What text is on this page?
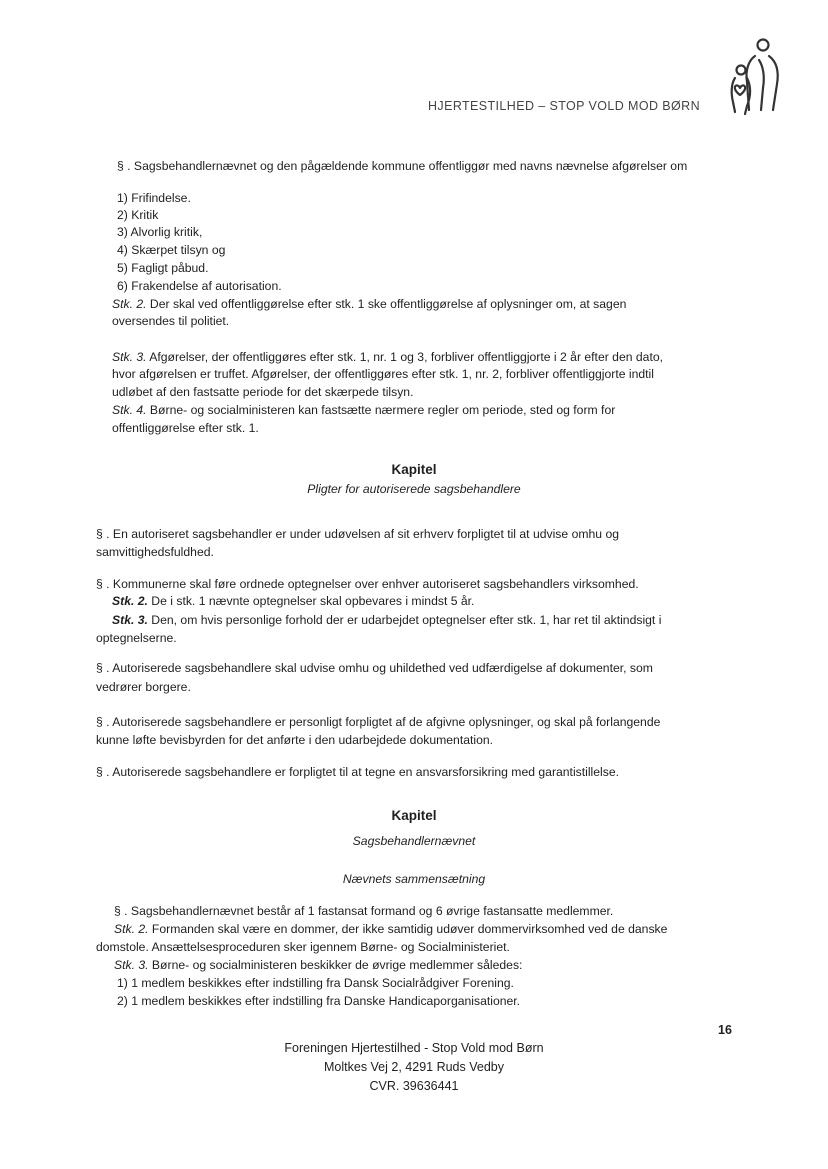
HJERTESTILHED – STOP VOLD MOD BØRN
§ . Sagsbehandlernævnet og den pågældende kommune offentliggør med navns nævnelse afgørelser om
1) Frifindelse.
2) Kritik
3) Alvorlig kritik,
4) Skærpet tilsyn og
5) Fagligt påbud.
6) Frakendelse af autorisation.
Stk. 2. Der skal ved offentliggørelse efter stk. 1 ske offentliggørelse af oplysninger om, at sagen
oversendes til politiet.
Stk. 3. Afgørelser, der offentliggøres efter stk. 1, nr. 1 og 3, forbliver offentliggjorte i 2 år efter den dato,
hvor afgørelsen er truffet. Afgørelser, der offentliggøres efter stk. 1, nr. 2, forbliver offentliggjorte indtil
udløbet af den fastsatte periode for det skærpede tilsyn.
Stk. 4. Børne- og socialministeren kan fastsætte nærmere regler om periode, sted og form for
offentliggørelse efter stk. 1.
Kapitel
Pligter for autoriserede sagsbehandlere
§ . En autoriseret sagsbehandler er under udøvelsen af sit erhverv forpligtet til at udvise omhu og
samvittighedsfuldhed.
§ . Kommunerne skal føre ordnede optegnelser over enhver autoriseret sagsbehandlers virksomhed.
Stk. 2. De i stk. 1 nævnte optegnelser skal opbevares i mindst 5 år.
Stk. 3. Den, om hvis personlige forhold der er udarbejdet optegnelser efter stk. 1, har ret til aktindsigt i
optegnelserne.
§ . Autoriserede sagsbehandlere skal udvise omhu og uhildethed ved udfærdigelse af dokumenter, som
vedrører borgere.
§ . Autoriserede sagsbehandlere er personligt forpligtet af de afgivne oplysninger, og skal på forlangende
kunne løfte bevisbyrden for det anførte i den udarbejdede dokumentation.
§ . Autoriserede sagsbehandlere er forpligtet til at tegne en ansvarsforsikring med garantistillelse.
Kapitel
Sagsbehandlernævnet
Nævnets sammensætning
§ . Sagsbehandlernævnet består af 1 fastansat formand og 6 øvrige fastansatte medlemmer.
Stk. 2. Formanden skal være en dommer, der ikke samtidig udøver dommervirksomhed ved de danske
domstole. Ansættelsesproceduren sker igennem Børne- og Socialministeriet.
Stk. 3. Børne- og socialministeren beskikker de øvrige medlemmer således:
1) 1 medlem beskikkes efter indstilling fra Dansk Socialrådgiver Forening.
2) 1 medlem beskikkes efter indstilling fra Danske Handicaporganisationer.
16
Foreningen Hjertestilhed - Stop Vold mod Børn
Moltkes Vej 2, 4291 Ruds Vedby
CVR. 39636441
